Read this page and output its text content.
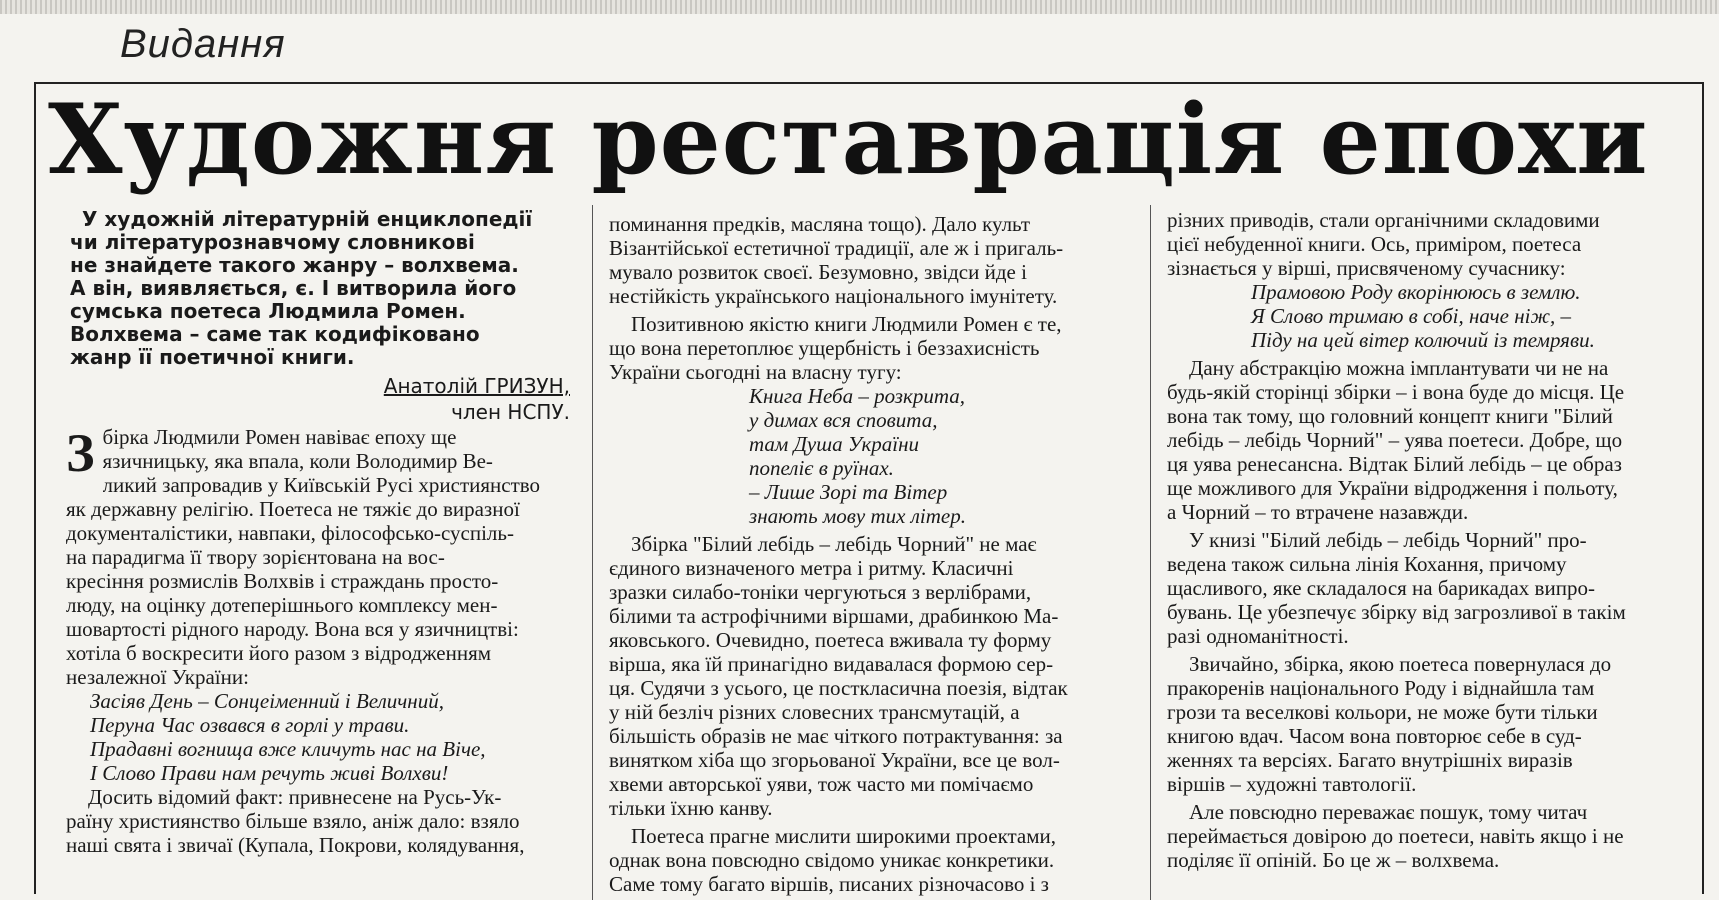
Видання
Художня реставрація епохи
У художній літературній енциклопедії
чи літературознавчому словникові
не знайдете такого жанру – волхвема.
А він, виявляється, є. І витворила його
сумська поетеса Людмила Ромен.
Волхвема – саме так кодифіковано
жанр її поетичної книги.
Анатолій ГРИЗУН,
член НСПУ.
З бірка Людмили Ромен навіває епоху ще
язичницьку, яка впала, коли Володимир Ве-
ликий запровадив у Київській Русі християнство
як державну релігію. Поетеса не тяжіє до виразної
документалістики, навпаки, філософсько-суспіль-
на парадигма її твору зорієнтована на вос-
кресіння розмислів Волхвів і страждань просто-
люду, на оцінку дотеперішнього комплексу мен-
шовартості рідного народу. Вона вся у язичництві:
хотіла б воскресити його разом з відродженням
незалежної України:
Засіяв День – Сонцеіменний і Величний,
Перуна Час озвався в горлі у трави.
Прадавні вогнища вже кличуть нас на Віче,
І Слово Прави нам речуть живі Волхви!
Досить відомий факт: привнесене на Русь-Ук-
раїну християнство більше взяло, аніж дало: взяло
наші свята і звичаї (Купала, Покрови, колядування,
поминання предків, масляна тощо). Дало культ
Візантійської естетичної традиції, але ж і пригаль-
мувало розвиток своєї. Безумовно, звідси йде і
нестійкість українського національного імунітету.
Позитивною якістю книги Людмили Ромен є те,
що вона перетоплює ущербність і беззахисність
України сьогодні на власну тугу:
Книга Неба – розкрита,
у димах вся сповита,
там Душа України
попеліє в руїнах.
– Лише Зорі та Вітер
знають мову тих літер.
Збірка "Білий лебідь – лебідь Чорний" не має
єдиного визначеного метра і ритму. Класичні
зразки силабо-тоніки чергуються з верлібрами,
білими та астрофічними віршами, драбинкою Ма-
яковського. Очевидно, поетеса вживала ту форму
вірша, яка їй принагідно видавалася формою сер-
ця. Судячи з усього, це посткласична поезія, відтак
у ній безліч різних словесних трансмутацій, а
більшість образів не має чіткого потрактування: за
винятком хіба що згорьованої України, все це вол-
хвеми авторської уяви, тож часто ми помічаємо
тільки їхню канву.
Поетеса прагне мислити широкими проектами,
однак вона повсюдно свідомо уникає конкретики.
Саме тому багато віршів, писаних різночасово і з
різних приводів, стали органічними складовими
цієї небуденної книги. Ось, приміром, поетеса
зізнається у вірші, присвяченому сучаснику:
Прамовою Роду вкорінююсь в землю.
Я Слово тримаю в собі, наче ніж, –
Піду на цей вітер колючий із темряви.
Дану абстракцію можна імплантувати чи не на
будь-якій сторінці збірки – і вона буде до місця. Це
вона так тому, що головний концепт книги "Білий
лебідь – лебідь Чорний" – уява поетеси. Добре, що
ця уява ренесансна. Відтак Білий лебідь – це образ
ще можливого для України відродження і польоту,
а Чорний – то втрачене назавжди.
У книзі "Білий лебідь – лебідь Чорний" про-
ведена також сильна лінія Кохання, причому
щасливого, яке складалося на барикадах випро-
бувань. Це убезпечує збірку від загрозливої в такім
разі одноманітності.
Звичайно, збірка, якою поетеса повернулася до
пракоренів національного Роду і віднайшла там
грози та веселкові кольори, не може бути тільки
книгою вдач. Часом вона повторює себе в суд-
женнях та версіях. Багато внутрішніх виразів
віршів – художні тавтології.
Але повсюдно переважає пошук, тому читач
переймається довірою до поетеси, навіть якщо і не
поділяє її опіній. Бо це ж – волхвема.
